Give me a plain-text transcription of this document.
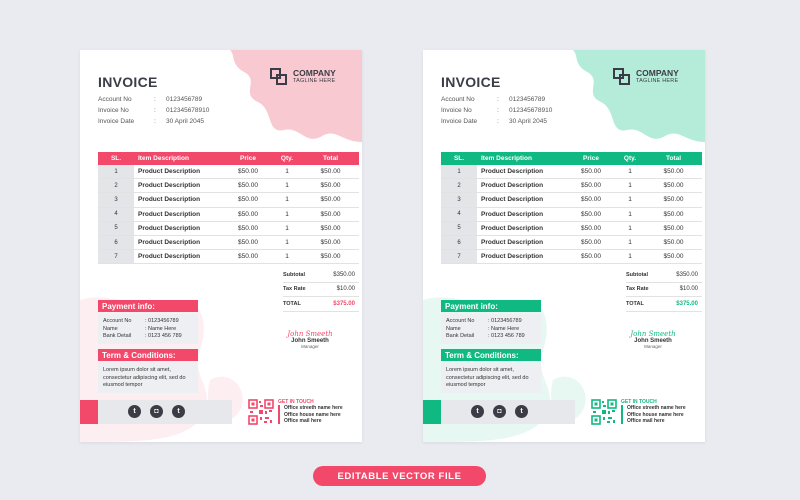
INVOICE
Account No	:	0123456789
Invoice No	:	012345678910
Invoice Date	:	30 April 2045
COMPANY
TAGLINE HERE
SL.	Item Description	Price	Qty.	Total
1	Product Description	$50.00	1	$50.00
2	Product Description	$50.00	1	$50.00
3	Product Description	$50.00	1	$50.00
4	Product Description	$50.00	1	$50.00
5	Product Description	$50.00	1	$50.00
6	Product Description	$50.00	1	$50.00
7	Product Description	$50.00	1	$50.00
Subtotal	$350.00
Tax Rate	$10.00
TOTAL	$375.00
Payment info:
Account No	: 0123456789
Name	: Name Here
Bank Detail	: 0123 456 789
Term & Conditions:
Lorem ipsum dolor sit amet, consectetur adipiscing elit, sed do eiusmod tempor
John Smeeth
John Smeeth
Manager
t	◘	t
GET IN TOUCH
Office streeth name here
Office house name here
Office mail here
INVOICE
Account No	:	0123456789
Invoice No	:	012345678910
Invoice Date	:	30 April 2045
COMPANY
TAGLINE HERE
SL.	Item Description	Price	Qty.	Total
1	Product Description	$50.00	1	$50.00
2	Product Description	$50.00	1	$50.00
3	Product Description	$50.00	1	$50.00
4	Product Description	$50.00	1	$50.00
5	Product Description	$50.00	1	$50.00
6	Product Description	$50.00	1	$50.00
7	Product Description	$50.00	1	$50.00
Subtotal	$350.00
Tax Rate	$10.00
TOTAL	$375.00
Payment info:
Account No	: 0123456789
Name	: Name Here
Bank Detail	: 0123 456 789
Term & Conditions:
Lorem ipsum dolor sit amet, consectetur adipiscing elit, sed do eiusmod tempor
John Smeeth
John Smeeth
Manager
t	◘	t
GET IN TOUCH
Office streeth name here
Office house name here
Office mail here
EDITABLE VECTOR FILE
